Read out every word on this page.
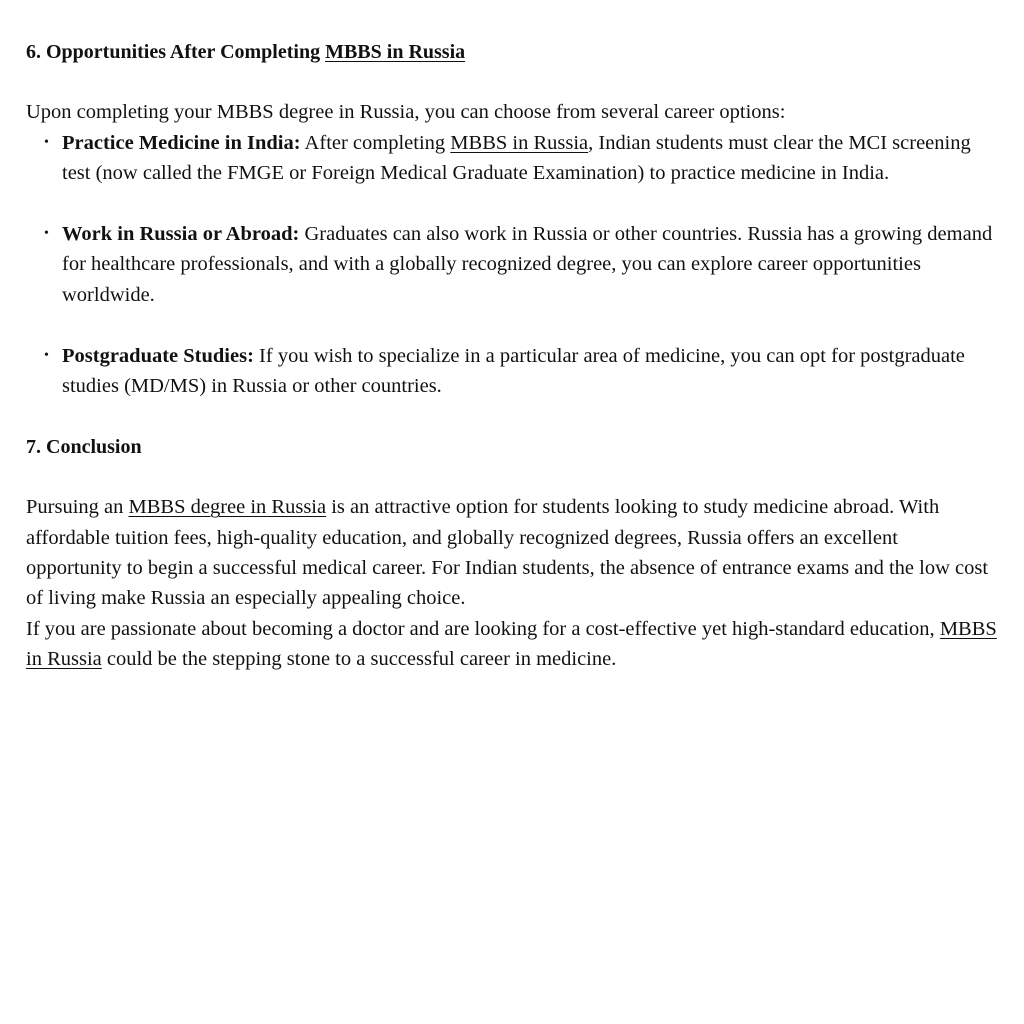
6. Opportunities After Completing MBBS in Russia

Upon completing your MBBS degree in Russia, you can choose from several career options:

• Practice Medicine in India: After completing MBBS in Russia, Indian students must clear the MCI screening test (now called the FMGE or Foreign Medical Graduate Examination) to practice medicine in India.
• Work in Russia or Abroad: Graduates can also work in Russia or other countries. Russia has a growing demand for healthcare professionals, and with a globally recognized degree, you can explore career opportunities worldwide.
• Postgraduate Studies: If you wish to specialize in a particular area of medicine, you can opt for postgraduate studies (MD/MS) in Russia or other countries.
7. Conclusion

Pursuing an MBBS degree in Russia is an attractive option for students looking to study medicine abroad. With affordable tuition fees, high-quality education, and globally recognized degrees, Russia offers an excellent opportunity to begin a successful medical career. For Indian students, the absence of entrance exams and the low cost of living make Russia an especially appealing choice.

If you are passionate about becoming a doctor and are looking for a cost-effective yet high-standard education, MBBS in Russia could be the stepping stone to a successful career in medicine.
